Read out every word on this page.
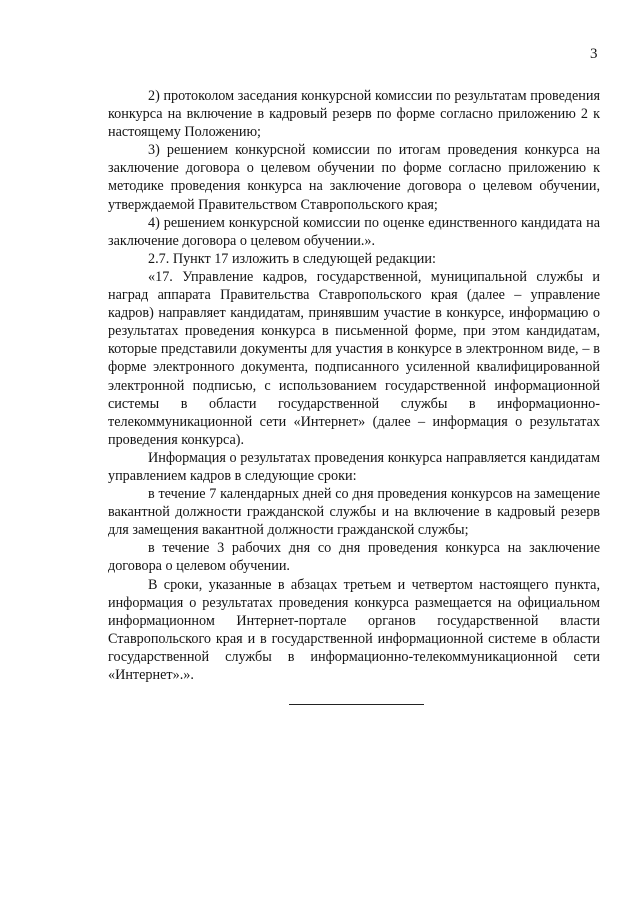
3

2) протоколом заседания конкурсной комиссии по результатам проведения конкурса на включение в кадровый резерв по форме согласно приложению 2 к настоящему Положению;

3) решением конкурсной комиссии по итогам проведения конкурса на заключение договора о целевом обучении по форме согласно приложению к методике проведения конкурса на заключение договора о целевом обучении, утверждаемой Правительством Ставропольского края;

4) решением конкурсной комиссии по оценке единственного кандидата на заключение договора о целевом обучении.».

2.7. Пункт 17 изложить в следующей редакции:

«17. Управление кадров, государственной, муниципальной службы и наград аппарата Правительства Ставропольского края (далее – управление кадров) направляет кандидатам, принявшим участие в конкурсе, информацию о результатах проведения конкурса в письменной форме, при этом кандидатам, которые представили документы для участия в конкурсе в электронном виде, – в форме электронного документа, подписанного усиленной квалифицированной электронной подписью, с использованием государственной информационной системы в области государственной службы в информационно-телекоммуникационной сети «Интернет» (далее – информация о результатах проведения конкурса).

Информация о результатах проведения конкурса направляется кандидатам управлением кадров в следующие сроки:

в течение 7 календарных дней со дня проведения конкурсов на замещение вакантной должности гражданской службы и на включение в кадровый резерв для замещения вакантной должности гражданской службы;

в течение 3 рабочих дня со дня проведения конкурса на заключение договора о целевом обучении.

В сроки, указанные в абзацах третьем и четвертом настоящего пункта, информация о результатах проведения конкурса размещается на официальном информационном Интернет-портале органов государственной власти Ставропольского края и в государственной информационной системе в области государственной службы в информационно-телекоммуникационной сети «Интернет».».
